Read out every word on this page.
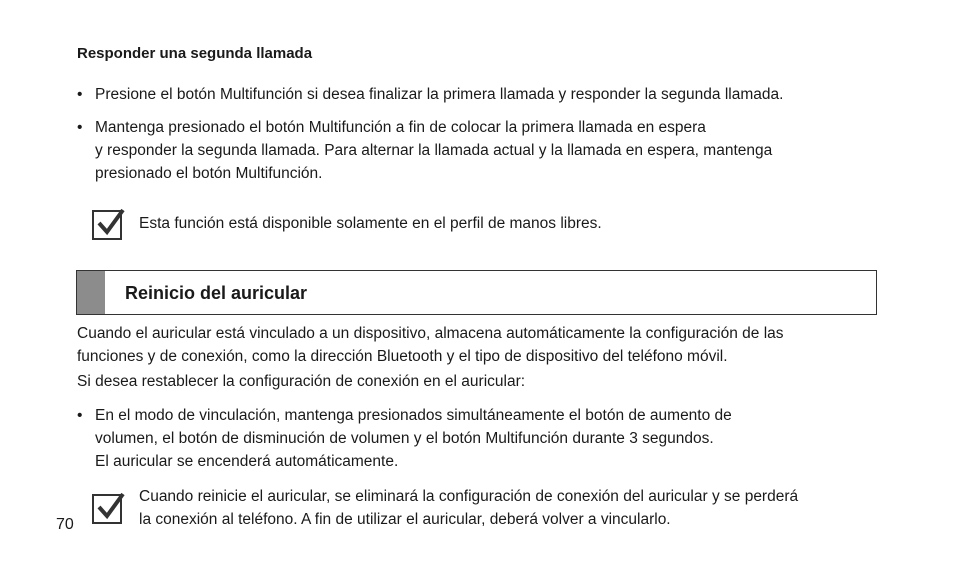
Responder una segunda llamada
• Presione el botón Multifunción si desea finalizar la primera llamada y responder la segunda llamada.
• Mantenga presionado el botón Multifunción a fin de colocar la primera llamada en espera
y responder la segunda llamada. Para alternar la llamada actual y la llamada en espera, mantenga
presionado el botón Multifunción.
Esta función está disponible solamente en el perfil de manos libres.
Reinicio del auricular
Cuando el auricular está vinculado a un dispositivo, almacena automáticamente la configuración de las
funciones y de conexión, como la dirección Bluetooth y el tipo de dispositivo del teléfono móvil.
Si desea restablecer la configuración de conexión en el auricular:
• En el modo de vinculación, mantenga presionados simultáneamente el botón de aumento de
volumen, el botón de disminución de volumen y el botón Multifunción durante 3 segundos.
El auricular se encenderá automáticamente.
Cuando reinicie el auricular, se eliminará la configuración de conexión del auricular y se perderá
la conexión al teléfono. A fin de utilizar el auricular, deberá volver a vincularlo.
70
